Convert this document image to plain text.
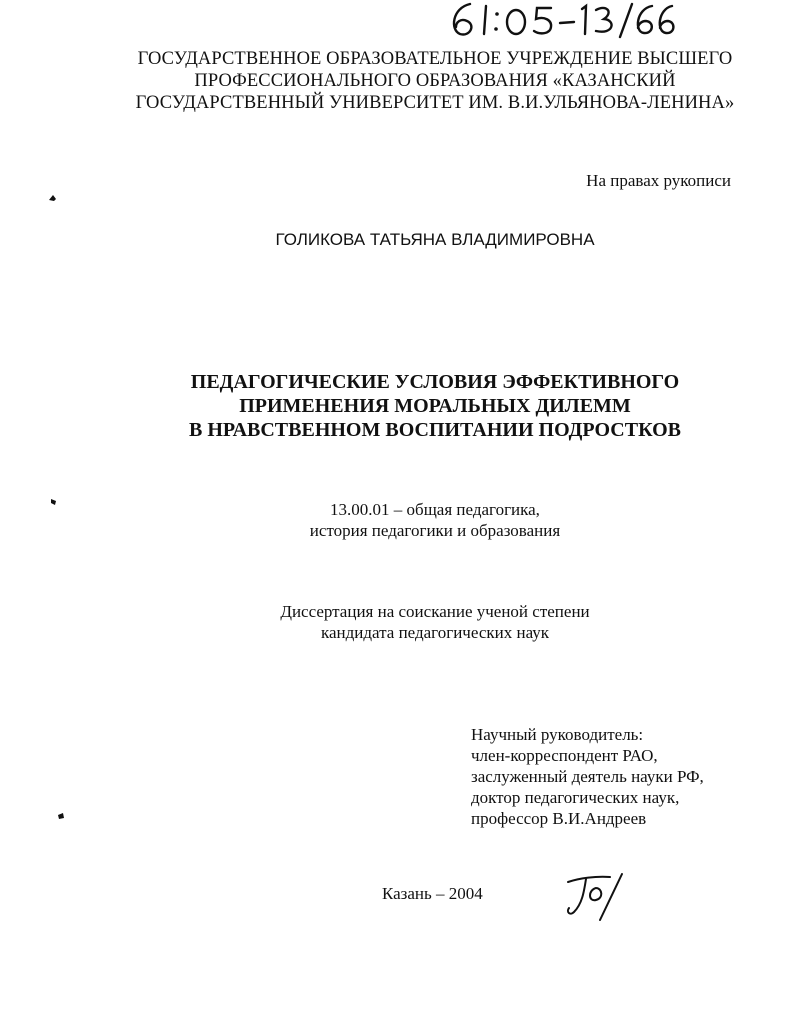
ГОСУДАРСТВЕННОЕ ОБРАЗОВАТЕЛЬНОЕ УЧРЕЖДЕНИЕ ВЫСШЕГО
ПРОФЕССИОНАЛЬНОГО ОБРАЗОВАНИЯ «КАЗАНСКИЙ
ГОСУДАРСТВЕННЫЙ УНИВЕРСИТЕТ ИМ. В.И.УЛЬЯНОВА-ЛЕНИНА»
На правах рукописи
ГОЛИКОВА ТАТЬЯНА ВЛАДИМИРОВНА
ПЕДАГОГИЧЕСКИЕ УСЛОВИЯ ЭФФЕКТИВНОГО
ПРИМЕНЕНИЯ МОРАЛЬНЫХ ДИЛЕММ
В НРАВСТВЕННОМ ВОСПИТАНИИ ПОДРОСТКОВ
13.00.01 – общая педагогика,
история педагогики и образования
Диссертация на соискание ученой степени
кандидата педагогических наук
Научный руководитель:
член-корреспондент РАО,
заслуженный деятель науки РФ,
доктор педагогических наук,
профессор В.И.Андреев
Казань – 2004
